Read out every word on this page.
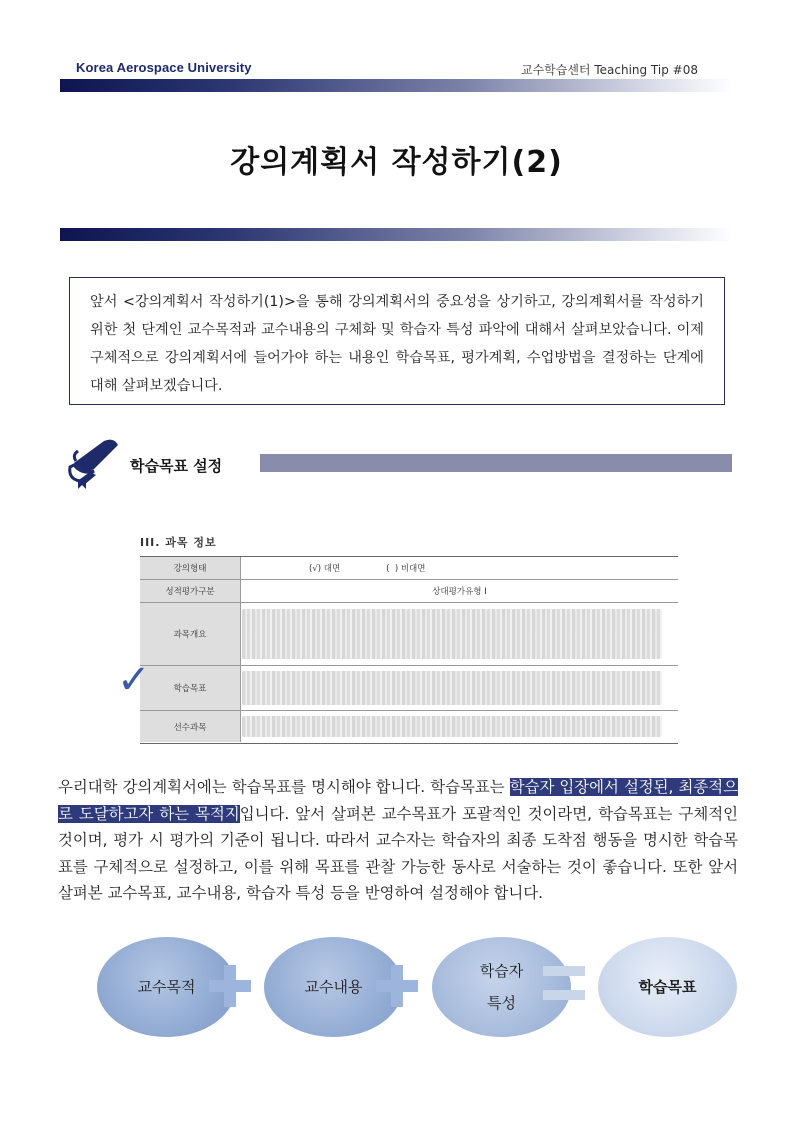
Korea Aerospace University	교수학습센터 Teaching Tip #08
강의계획서 작성하기(2)
앞서 <강의계획서 작성하기(1)>을 통해 강의계획서의 중요성을 상기하고, 강의계획서를 작성하기 위한 첫 단계인 교수목적과 교수내용의 구체화 및 학습자 특성 파악에 대해서 살펴보았습니다. 이제 구체적으로 강의계획서에 들어가야 하는 내용인 학습목표, 평가계획, 수업방법을 결정하는 단계에 대해 살펴보겠습니다.
학습목표 설정
III. 과목 정보
강의형태	(√) 대면                 (  ) 비대면
성적평가구분	상대평가유형 I
과목개요
학습목표
선수과목
✓
우리대학 강의계획서에는 학습목표를 명시해야 합니다. 학습목표는 학습자 입장에서 설정된, 최종적으로 도달하고자 하는 목적지입니다. 앞서 살펴본 교수목표가 포괄적인 것이라면, 학습목표는 구체적인 것이며, 평가 시 평가의 기준이 됩니다. 따라서 교수자는 학습자의 최종 도착점 행동을 명시한 학습목표를 구체적으로 설정하고, 이를 위해 목표를 관찰 가능한 동사로 서술하는 것이 좋습니다. 또한 앞서 살펴본 교수목표, 교수내용, 학습자 특성 등을 반영하여 설정해야 합니다.
교수목적	교수내용
학습자
특성
학습목표
